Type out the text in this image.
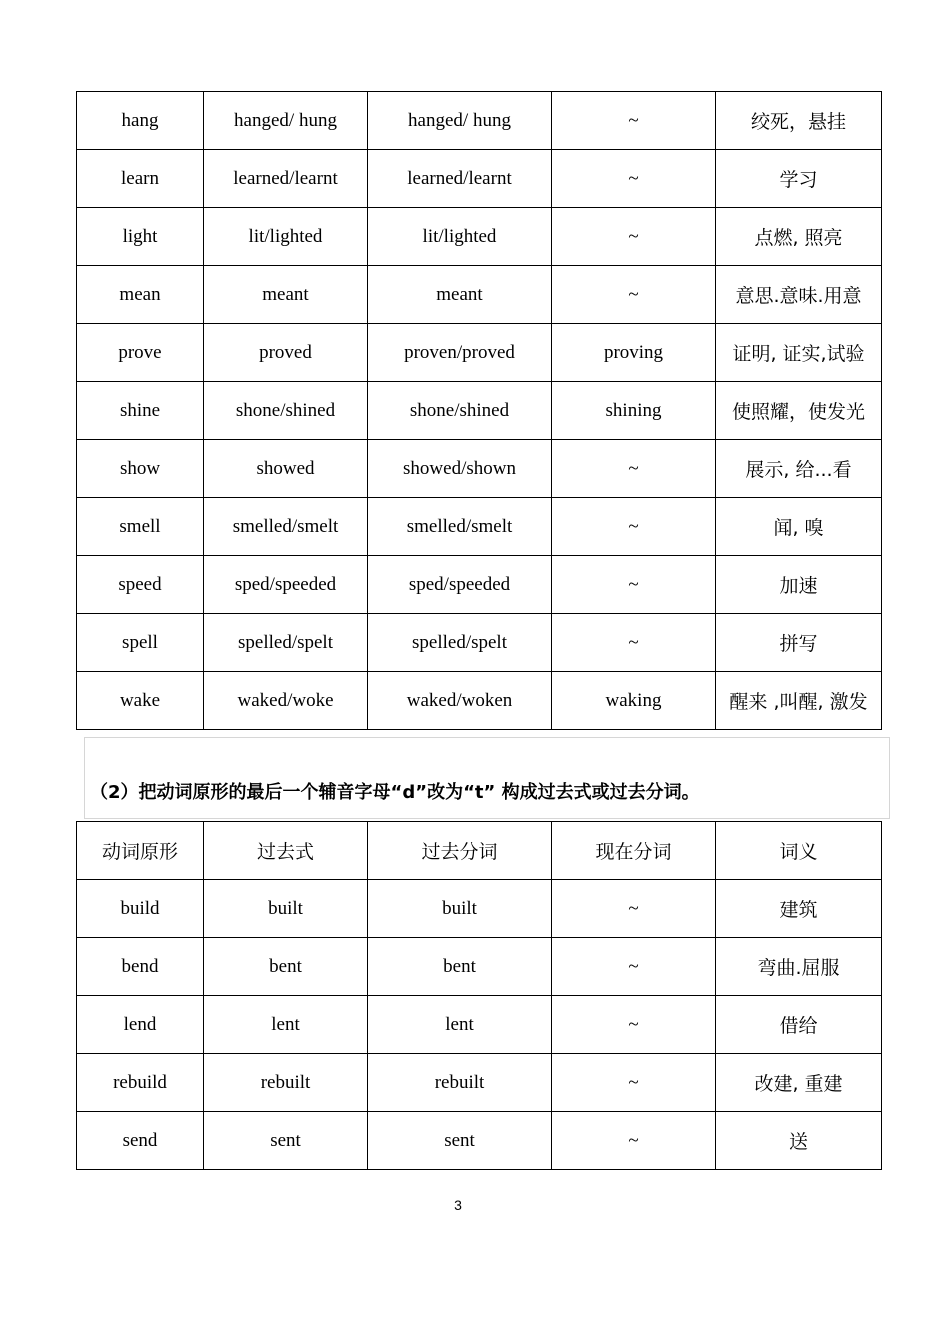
hang	hanged/ hung	hanged/ hung	~	绞死，悬挂
learn	learned/learnt	learned/learnt	~	学习
light	lit/lighted	lit/lighted	~	点燃, 照亮
mean	meant	meant	~	意思.意味.用意
prove	proved	proven/proved	proving	证明, 证实,试验
shine	shone/shined	shone/shined	shining	使照耀，使发光
show	showed	showed/shown	~	展示, 给...看
smell	smelled/smelt	smelled/smelt	~	闻, 嗅
speed	sped/speeded	sped/speeded	~	加速
spell	spelled/spelt	spelled/spelt	~	拼写
wake	waked/woke	waked/woken	waking	醒来 ,叫醒, 激发
（2）把动词原形的最后一个辅音字母“d”改为“t” 构成过去式或过去分词。
动词原形	过去式	过去分词	现在分词	词义
build	built	built	~	建筑
bend	bent	bent	~	弯曲.屈服
lend	lent	lent	~	借给
rebuild	rebuilt	rebuilt	~	改建, 重建
send	sent	sent	~	送
3
